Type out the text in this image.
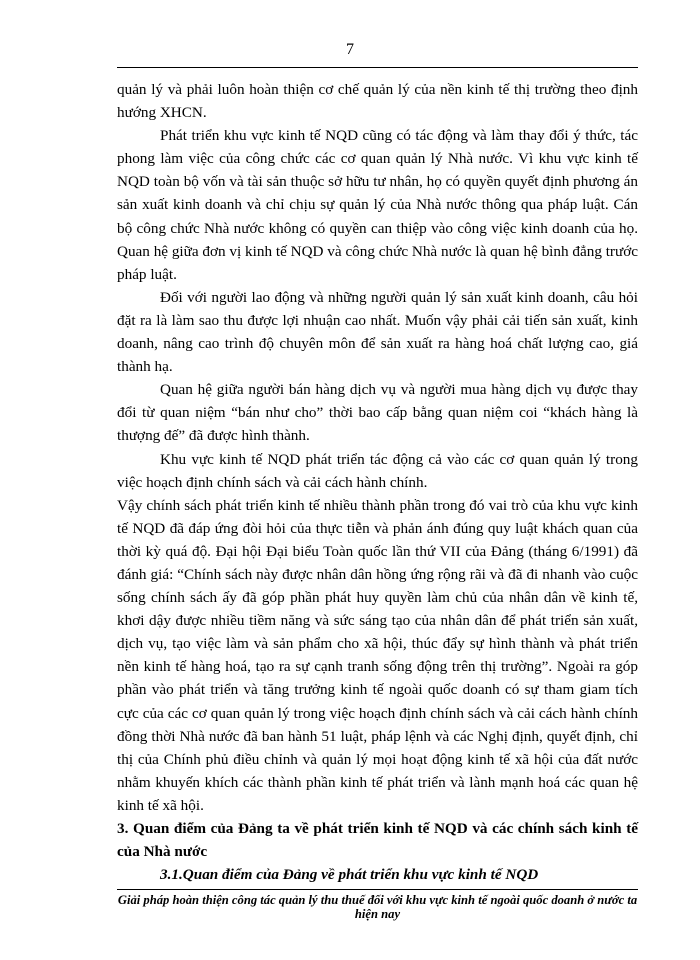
7

quản lý và phải luôn hoàn thiện cơ chế quản lý của nền kinh tế thị trường theo định hướng XHCN.

Phát triển khu vực kinh tế NQD cũng có tác động và làm thay đổi ý thức, tác phong làm việc của công chức các cơ quan quản lý Nhà nước. Vì khu vực kinh tế NQD toàn bộ vốn và tài sản thuộc sở hữu tư nhân, họ có quyền quyết định phương án sản xuất kinh doanh và chỉ chịu sự quản lý của Nhà nước thông qua pháp luật. Cán bộ công chức Nhà nước không có quyền can thiệp vào công việc kinh doanh của họ. Quan hệ giữa đơn vị kinh tế NQD và công chức Nhà nước là quan hệ bình đẳng trước pháp luật.

Đối với người lao động và những người quản lý sản xuất kinh doanh, câu hỏi đặt ra là làm sao thu được lợi nhuận cao nhất. Muốn vậy phải cải tiến sản xuất, kinh doanh, nâng cao trình độ chuyên môn để sản xuất ra hàng hoá chất lượng cao, giá thành hạ.

Quan hệ giữa người bán hàng dịch vụ và người mua hàng dịch vụ được thay đổi từ quan niệm “bán như cho” thời bao cấp bằng quan niệm coi “khách hàng là thượng đế” đã được hình thành.

Khu vực kinh tế NQD phát triển tác động cả vào các cơ quan quản lý trong việc hoạch định chính sách và cải cách hành chính.

Vậy chính sách phát triển kinh tế nhiều thành phần trong đó vai trò của khu vực kinh tế NQD đã đáp ứng đòi hỏi của thực tiễn và phản ánh đúng quy luật khách quan của thời kỳ quá độ. Đại hội Đại biểu Toàn quốc lần thứ VII của Đảng (tháng 6/1991) đã đánh giá: “Chính sách này được nhân dân hồng ứng rộng rãi và đã đi nhanh vào cuộc sống chính sách ấy đã góp phần phát huy quyền làm chủ của nhân dân về kinh tế, khơi dậy được nhiều tiềm năng và sức sáng tạo của nhân dân để phát triển sản xuất, dịch vụ, tạo việc làm và sản phẩm cho xã hội, thúc đẩy sự hình thành và phát triển nền kinh tế hàng hoá, tạo ra sự cạnh tranh sống động trên thị trường”. Ngoài ra góp phần vào phát triển và tăng trưởng kinh tế ngoài quốc doanh có sự tham giam tích cực của các cơ quan quản lý trong việc hoạch định chính sách và cải cách hành chính đồng thời Nhà nước đã ban hành 51 luật, pháp lệnh và các Nghị định, quyết định, chỉ thị của Chính phủ điều chỉnh và quản lý mọi hoạt động kinh tế xã hội của đất nước nhằm khuyến khích các thành phần kinh tế phát triển và lành mạnh hoá các quan hệ kinh tế xã hội.

3. Quan điểm của Đảng ta về phát triển kinh tế NQD và các chính sách kinh tế của Nhà nước

3.1.Quan điểm của Đảng về phát triển khu vực kinh tế NQD

Giải pháp hoàn thiện công tác quản lý thu thuế đối với khu vực kinh tế ngoài quốc doanh ở nước ta hiện nay
